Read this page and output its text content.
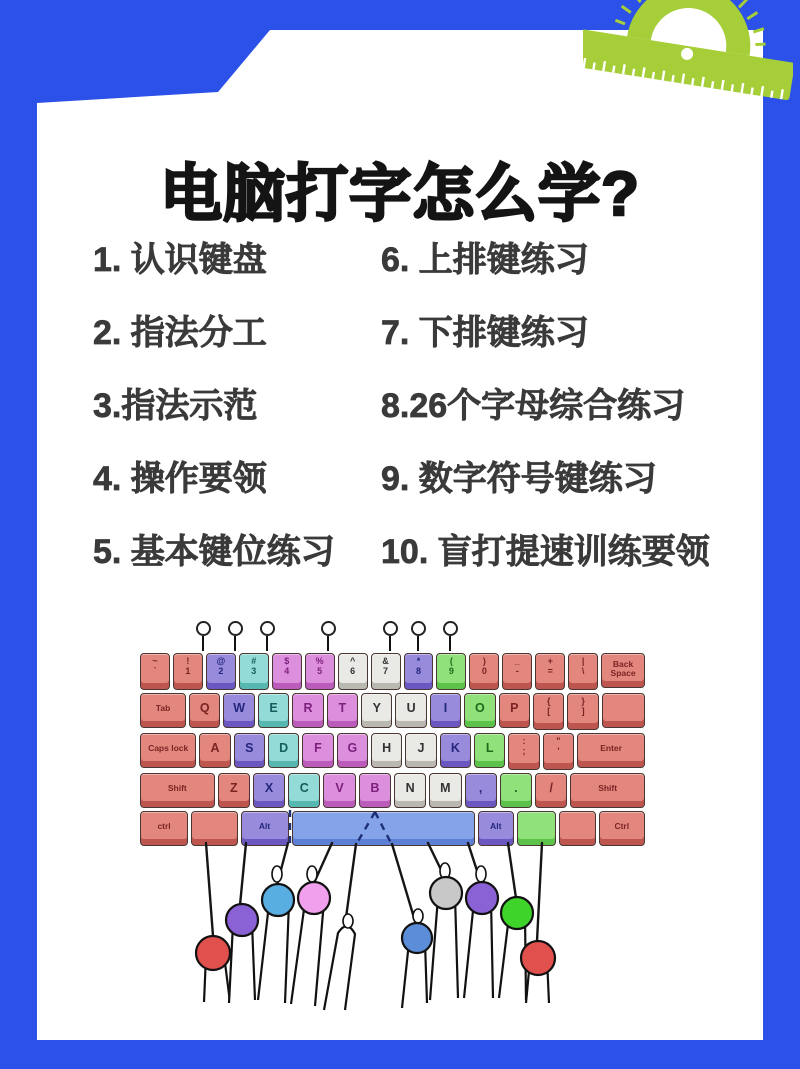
电脑打字怎么学?
1. 认识键盘
2. 指法分工
3.指法示范
4. 操作要领
5. 基本键位练习
6. 上排键练习
7. 下排键练习
8.26个字母综合练习
9. 数字符号键练习
10. 盲打提速训练要领
~
`
!
1
@
2
#
3
$
4
%
5
^
6
&
7
*
8
(
9
)
0
_
-
+
=
|
\
Back Space
Tab Q W E R T Y U I O P	{
[
}
]
Caps lock A S D F G H J K L	:
;
"
'	Enter
Shift	Z X C V B N M ,	.	/	Shift
ctrl	Alt	Alt	Ctrl
